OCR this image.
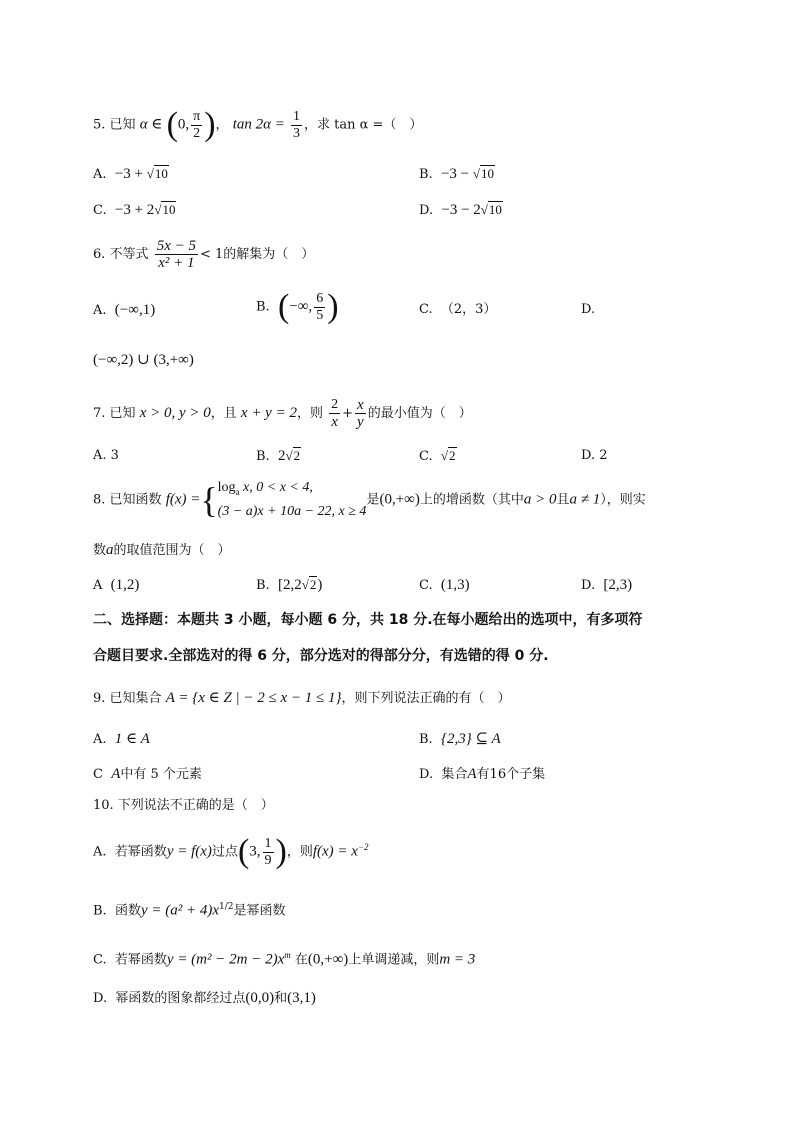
5. 已知 α ∈ (0, $\frac{\pi}{2}$ )， $\tan 2\alpha = \frac{1}{3}$ ，求 tan α =（　）
A. −3 + √10	B. −3 − √10
C. −3 + 2√10	D. −3 − 2√10
6. 不等式 $\frac{5x - 5}{\text{x² + 1}} < 1$的解集为（　）
A. (−∞,1)	B. (−∞, $\frac{6}{5}$ )	C. （2，3）	D.
(−∞,2) ∪ (3,+∞)
7. 已知 x > 0, y > 0，且 x + y = 2，则 $\frac{2}{x} + \frac{x}{y}$ 的最小值为（　）
A. 3	B. 2√2	C. √2	D. 2
8. 已知函数 f(x) ={ $\log_a x$, 0 < x < 4,
(3 − a)x + 10a − 22, x ≥ 4
是(0,+∞)上的增函数（其中a > 0且a ≠ 1），则实
数a的取值范围为（　）
A (1,2)	B. [2,2√2)	C. (1,3)	D. [2,3)
二、选择题：本题共 3 小题，每小题 6 分，共 18 分.在每小题给出的选项中，有多项符
合题目要求.全部选对的得 6 分，部分选对的得部分分，有选错的得 0 分.
9. 已知集合 A = {x ∈ Z | − 2 ≤ x − 1 ≤ 1}，则下列说法正确的有（　）
A. 1 ∈ A	B. {2,3} ⊆ A
C A中有 5 个元素	D. 集合A有16个子集
10. 下列说法不正确的是（　）
A. 若幂函数y = f(x)过点(3, $\frac{1}{9}$ )，则$f(x) = x^{-2}$
B. 函数$y = (a^2 + 4)x^{1/2}$是幂函数
C. 若幂函数$y = (m^2 - 2m - 2)x^m$ 在(0,+∞)上单调递减，则m = 3
D. 幂函数的图象都经过点(0,0)和(3,1)
